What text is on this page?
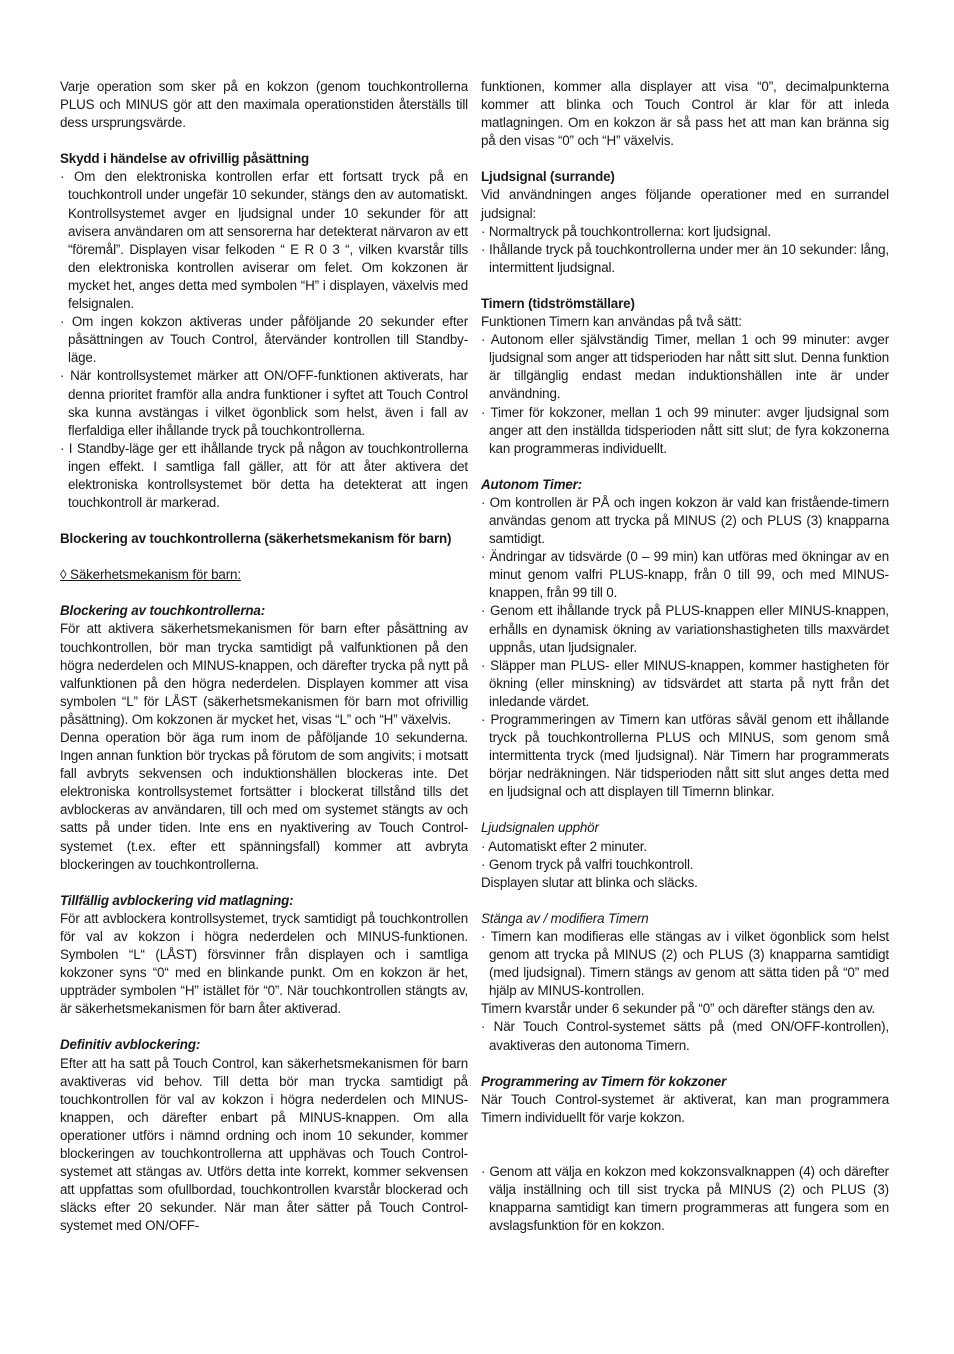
Varje operation som sker på en kokzon (genom touchkontrollerna PLUS och MINUS gör att den maximala operationstiden återställs till dess ursprungsvärde.

Skydd i händelse av ofrivillig påsättning

· Om den elektroniska kontrollen erfar ett fortsatt tryck på en touchkontroll under ungefär 10 sekunder, stängs den av automatiskt. Kontrollsystemet avger en ljudsignal under 10 sekunder för att avisera användaren om att sensorerna har detekterat närvaron av ett “föremål”. Displayen visar felkoden “ E R 0 3 “, vilken kvarstår tills den elektroniska kontrollen aviserar om felet. Om kokzonen är mycket het, anges detta med symbolen “H” i displayen, växelvis med felsignalen.

· Om ingen kokzon aktiveras under påföljande 20 sekunder efter påsättningen av Touch Control, återvänder kontrollen till Standby-läge.

· När kontrollsystemet märker att ON/OFF-funktionen aktiverats, har denna prioritet framför alla andra funktioner i syftet att Touch Control ska kunna avstängas i vilket ögonblick som helst, även i fall av flerfaldiga eller ihållande tryck på touchkontrollerna.

· I Standby-läge ger ett ihållande tryck på någon av touchkontrollerna ingen effekt. I samtliga fall gäller, att för att åter aktivera det elektroniska kontrollsystemet bör detta ha detekterat att ingen touchkontroll är markerad.

Blockering av touchkontrollerna (säkerhetsmekanism för barn)

◊ Säkerhetsmekanism för barn:

Blockering av touchkontrollerna:

För att aktivera säkerhetsmekanismen för barn efter påsättning av touchkontrollen, bör man trycka samtidigt på valfunktionen på den högra nederdelen och MINUS-knappen, och därefter trycka på nytt på valfunktionen på den högra nederdelen. Displayen kommer att visa symbolen “L” för LÅST (säkerhetsmekanismen för barn mot ofrivillig påsättning). Om kokzonen är mycket het, visas “L” och “H” växelvis.

Denna operation bör äga rum inom de påföljande 10 sekunderna. Ingen annan funktion bör tryckas på förutom de som angivits; i motsatt fall avbryts sekvensen och induktionshällen blockeras inte. Det elektroniska kontrollsystemet fortsätter i blockerat tillstånd tills det avblockeras av användaren, till och med om systemet stängts av och satts på under tiden. Inte ens en nyaktivering av Touch Control-systemet (t.ex. efter ett spänningsfall) kommer att avbryta blockeringen av touchkontrollerna.

Tillfällig avblockering vid matlagning:

För att avblockera kontrollsystemet, tryck samtidigt på touchkontrollen för val av kokzon i högra nederdelen och MINUS-funktionen. Symbolen “L“ (LÅST) försvinner från displayen och i samtliga kokzoner syns “0“ med en blinkande punkt. Om en kokzon är het, uppträder symbolen “H” istället för “0”. När touchkontrollen stängts av, är säkerhetsmekanismen för barn åter aktiverad.

Definitiv avblockering:

Efter att ha satt på Touch Control, kan säkerhetsmekanismen för barn avaktiveras vid behov. Till detta bör man trycka samtidigt på touchkontrollen för val av kokzon i högra nederdelen och MINUS-knappen, och därefter enbart på MINUS-knappen. Om alla operationer utförs i nämnd ordning och inom 10 sekunder, kommer blockeringen av touchkontrollerna att upphävas och Touch Control-systemet att stängas av. Utförs detta inte korrekt, kommer sekvensen att uppfattas som ofullbordad, touchkontrollen kvarstår blockerad och släcks efter 20 sekunder. När man åter sätter på Touch Control-systemet med ON/OFF-

funktionen, kommer alla displayer att visa “0”, decimalpunkterna kommer att blinka och Touch Control är klar för att inleda matlagningen. Om en kokzon är så pass het att man kan bränna sig på den visas “0” och “H” växelvis.

Ljudsignal (surrande)

Vid användningen anges följande operationer med en surrandel judsignal:

· Normaltryck på touchkontrollerna: kort ljudsignal.

· Ihållande tryck på touchkontrollerna under mer än 10 sekunder: lång, intermittent ljudsignal.

Timern (tidströmställare)

Funktionen Timern kan användas på två sätt:

· Autonom eller självständig Timer, mellan 1 och 99 minuter: avger ljudsignal som anger att tidsperioden har nått sitt slut. Denna funktion är tillgänglig endast medan induktionshällen inte är under användning.

· Timer för kokzoner, mellan 1 och 99 minuter: avger ljudsignal som anger att den inställda tidsperioden nått sitt slut; de fyra kokzonerna kan programmeras individuellt.

Autonom Timer:

· Om kontrollen är PÅ och ingen kokzon är vald kan fristående-timern användas genom att trycka på MINUS (2) och PLUS (3) knapparna samtidigt.

· Ändringar av tidsvärde (0 – 99 min) kan utföras med ökningar av en minut genom valfri PLUS-knapp, från 0 till 99, och med MINUS-knappen, från 99 till 0.

· Genom ett ihållande tryck på PLUS-knappen eller MINUS-knappen, erhålls en dynamisk ökning av variationshastigheten tills maxvärdet uppnås, utan ljudsignaler.

· Släpper man PLUS- eller MINUS-knappen, kommer hastigheten för ökning (eller minskning) av tidsvärdet att starta på nytt från det inledande värdet.

· Programmeringen av Timern kan utföras såväl genom ett ihållande tryck på touchkontrollerna PLUS och MINUS, som genom små intermittenta tryck (med ljudsignal). När Timern har programmerats börjar nedräkningen. När tidsperioden nått sitt slut anges detta med en ljudsignal och att displayen till Timernn blinkar.

Ljudsignalen upphör

· Automatiskt efter 2 minuter.

· Genom tryck på valfri touchkontroll.

Displayen slutar att blinka och släcks.

Stänga av / modifiera Timern

· Timern kan modifieras elle stängas av i vilket ögonblick som helst genom att trycka på MINUS (2) och PLUS (3) knapparna samtidigt (med ljudsignal). Timern stängs av genom att sätta tiden på “0” med hjälp av MINUS-kontrollen.

Timern kvarstår under 6 sekunder på “0” och därefter stängs den av.

· När Touch Control-systemet sätts på (med ON/OFF-kontrollen), avaktiveras den autonoma Timern.

Programmering av Timern för kokzoner

När Touch Control-systemet är aktiverat, kan man programmera Timern individuellt för varje kokzon.

· Genom att välja en kokzon med kokzonsvalknappen (4) och därefter välja inställning och till sist trycka på MINUS (2) och PLUS (3) knapparna samtidigt kan timern programmeras att fungera som en avslagsfunktion för en kokzon.
